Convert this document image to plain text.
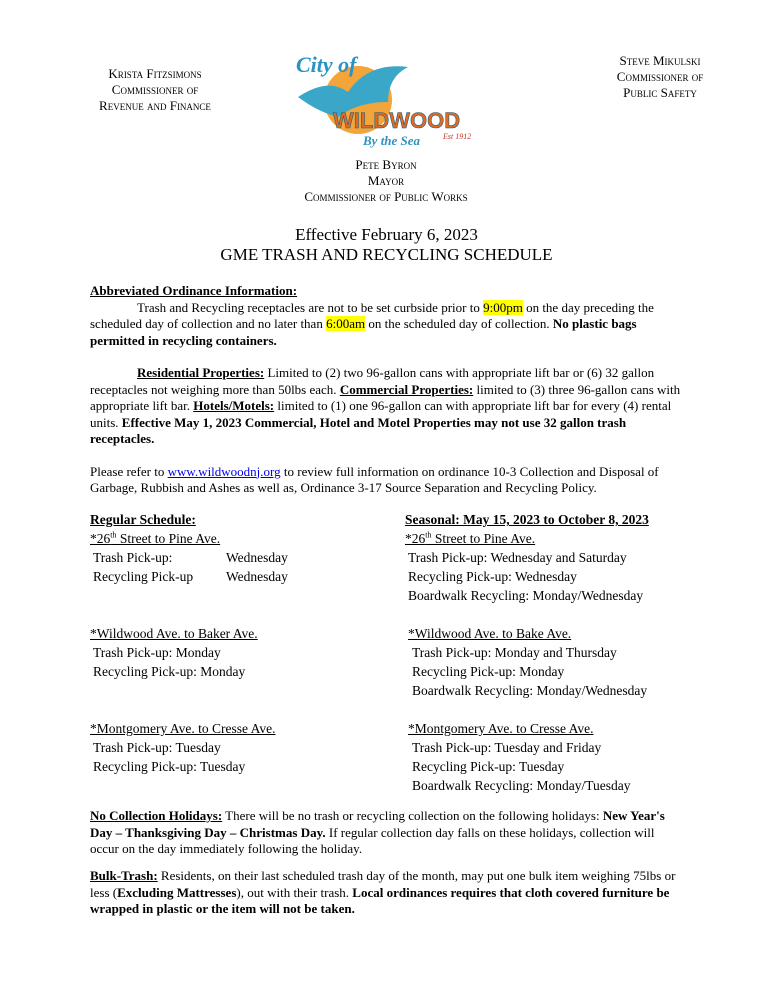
Krista Fitzsimons
Commissioner of
Revenue and Finance
Steve Mikulski
Commissioner of
Public Safety
City of
WILDWOOD
By the Sea	Est 1912
Pete Byron
Mayor
Commissioner of Public Works
Effective February 6, 2023
GME TRASH AND RECYCLING SCHEDULE
Abbreviated Ordinance Information:
Trash and Recycling receptacles are not to be set curbside prior to 9:00pm on the day preceding the scheduled day of collection and no later than 6:00am on the scheduled day of collection. No plastic bags permitted in recycling containers.
Residential Properties: Limited to (2) two 96-gallon cans with appropriate lift bar or (6) 32 gallon receptacles not weighing more than 50lbs each. Commercial Properties: limited to (3) three 96-gallon cans with appropriate lift bar. Hotels/Motels: limited to (1) one 96-gallon can with appropriate lift bar for every (4) rental units. Effective May 1, 2023 Commercial, Hotel and Motel Properties may not use 32 gallon trash receptacles.
Please refer to www.wildwoodnj.org to review full information on ordinance 10-3 Collection and Disposal of Garbage, Rubbish and Ashes as well as, Ordinance 3-17 Source Separation and Recycling Policy.
Regular Schedule:
*26th Street to Pine Ave.
Trash Pick-up:	Wednesday
Recycling Pick-up Wednesday
*Wildwood Ave. to Baker Ave.
Trash Pick-up: Monday
Recycling Pick-up: Monday
*Montgomery Ave. to Cresse Ave.
Trash Pick-up: Tuesday
Recycling Pick-up: Tuesday
Seasonal: May 15, 2023 to October 8, 2023
*26th Street to Pine Ave.
Trash Pick-up: Wednesday and Saturday
Recycling Pick-up: Wednesday
Boardwalk Recycling: Monday/Wednesday
*Wildwood Ave. to Bake Ave.
Trash Pick-up: Monday and Thursday
Recycling Pick-up: Monday
Boardwalk Recycling: Monday/Wednesday
*Montgomery Ave. to Cresse Ave.
Trash Pick-up: Tuesday and Friday
Recycling Pick-up: Tuesday
Boardwalk Recycling: Monday/Tuesday
No Collection Holidays: There will be no trash or recycling collection on the following holidays: New Year's Day – Thanksgiving Day – Christmas Day. If regular collection day falls on these holidays, collection will occur on the day immediately following the holiday.
Bulk-Trash: Residents, on their last scheduled trash day of the month, may put one bulk item weighing 75lbs or less (Excluding Mattresses), out with their trash. Local ordinances requires that cloth covered furniture be wrapped in plastic or the item will not be taken.
